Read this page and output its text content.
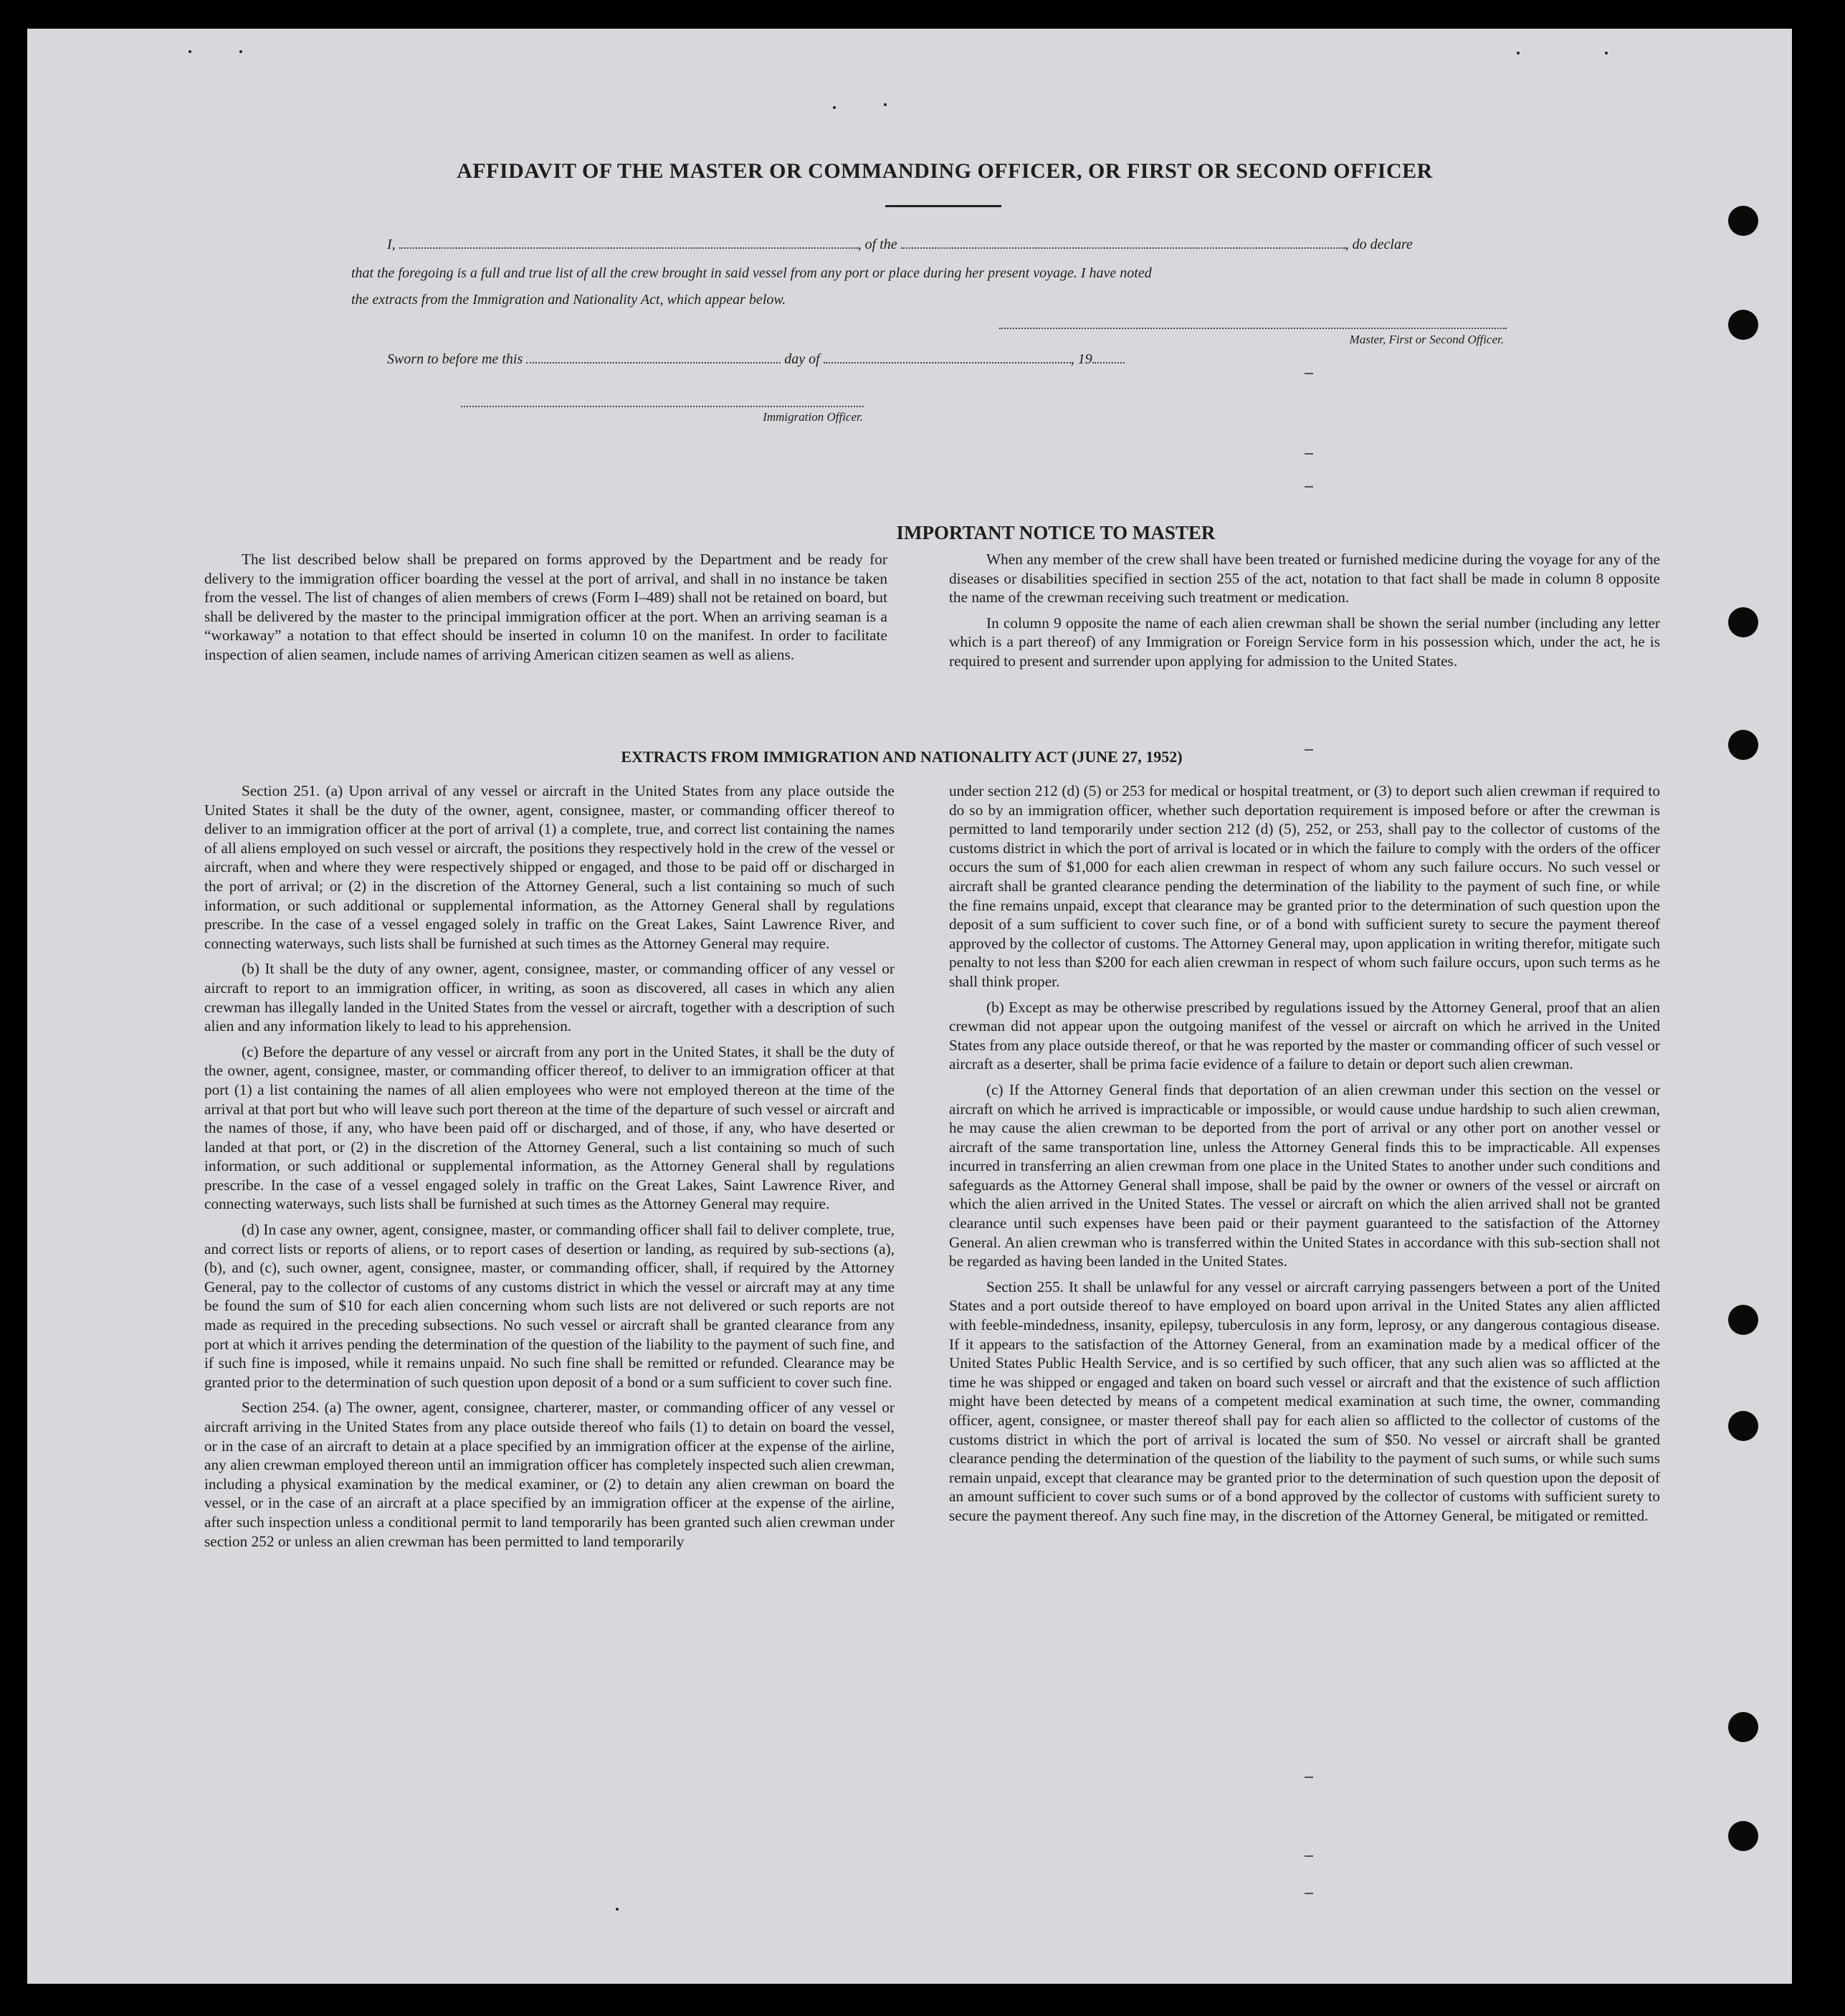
AFFIDAVIT OF THE MASTER OR COMMANDING OFFICER, OR FIRST OR SECOND OFFICER
I,	, of the	, do declare
that the foregoing is a full and true list of all the crew brought in said vessel from any port or place during her present voyage. I have noted
the extracts from the Immigration and Nationality Act, which appear below.
Master, First or Second Officer.
Sworn to before me this	day of	, 19
Immigration Officer.
IMPORTANT NOTICE TO MASTER

The list described below shall be prepared on forms approved by the Department and be ready for delivery to the immigration officer boarding the vessel at the port of arrival, and shall in no instance be taken from the vessel. The list of changes of alien members of crews (Form I–489) shall not be retained on board, but shall be delivered by the master to the principal immigration officer at the port. When an arriving seaman is a “workaway” a notation to that effect should be inserted in column 10 on the manifest. In order to facilitate inspection of alien seamen, include names of arriving American citizen seamen as well as aliens.

When any member of the crew shall have been treated or furnished medicine during the voyage for any of the diseases or disabilities specified in section 255 of the act, notation to that fact shall be made in column 8 opposite the name of the crewman receiving such treatment or medication.

In column 9 opposite the name of each alien crewman shall be shown the serial number (including any letter which is a part thereof) of any Immigration or Foreign Service form in his possession which, under the act, he is required to present and surrender upon applying for admission to the United States.

EXTRACTS FROM IMMIGRATION AND NATIONALITY ACT (JUNE 27, 1952)

Section 251. (a) Upon arrival of any vessel or aircraft in the United States from any place outside the United States it shall be the duty of the owner, agent, consignee, master, or commanding officer thereof to deliver to an immigration officer at the port of arrival (1) a complete, true, and correct list containing the names of all aliens employed on such vessel or aircraft, the positions they respectively hold in the crew of the vessel or aircraft, when and where they were respectively shipped or engaged, and those to be paid off or discharged in the port of arrival; or (2) in the discretion of the Attorney General, such a list containing so much of such information, or such additional or supplemental information, as the Attorney General shall by regulations prescribe. In the case of a vessel engaged solely in traffic on the Great Lakes, Saint Lawrence River, and connecting waterways, such lists shall be furnished at such times as the Attorney General may require.

(b) It shall be the duty of any owner, agent, consignee, master, or commanding officer of any vessel or aircraft to report to an immigration officer, in writing, as soon as discovered, all cases in which any alien crewman has illegally landed in the United States from the vessel or aircraft, together with a description of such alien and any information likely to lead to his apprehension.

(c) Before the departure of any vessel or aircraft from any port in the United States, it shall be the duty of the owner, agent, consignee, master, or commanding officer thereof, to deliver to an immigration officer at that port (1) a list containing the names of all alien employees who were not employed thereon at the time of the arrival at that port but who will leave such port thereon at the time of the departure of such vessel or aircraft and the names of those, if any, who have been paid off or discharged, and of those, if any, who have deserted or landed at that port, or (2) in the discretion of the Attorney General, such a list containing so much of such information, or such additional or supplemental information, as the Attorney General shall by regulations prescribe. In the case of a vessel engaged solely in traffic on the Great Lakes, Saint Lawrence River, and connecting waterways, such lists shall be furnished at such times as the Attorney General may require.

(d) In case any owner, agent, consignee, master, or commanding officer shall fail to deliver complete, true, and correct lists or reports of aliens, or to report cases of desertion or landing, as required by sub-sections (a), (b), and (c), such owner, agent, consignee, master, or commanding officer, shall, if required by the Attorney General, pay to the collector of customs of any customs district in which the vessel or aircraft may at any time be found the sum of $10 for each alien concerning whom such lists are not delivered or such reports are not made as required in the preceding subsections. No such vessel or aircraft shall be granted clearance from any port at which it arrives pending the determination of the question of the liability to the payment of such fine, and if such fine is imposed, while it remains unpaid. No such fine shall be remitted or refunded. Clearance may be granted prior to the determination of such question upon deposit of a bond or a sum sufficient to cover such fine.

Section 254. (a) The owner, agent, consignee, charterer, master, or commanding officer of any vessel or aircraft arriving in the United States from any place outside thereof who fails (1) to detain on board the vessel, or in the case of an aircraft to detain at a place specified by an immigration officer at the expense of the airline, any alien crewman employed thereon until an immigration officer has completely inspected such alien crewman, including a physical examination by the medical examiner, or (2) to detain any alien crewman on board the vessel, or in the case of an aircraft at a place specified by an immigration officer at the expense of the airline, after such inspection unless a conditional permit to land temporarily has been granted such alien crewman under section 252 or unless an alien crewman has been permitted to land temporarily

under section 212 (d) (5) or 253 for medical or hospital treatment, or (3) to deport such alien crewman if required to do so by an immigration officer, whether such deportation requirement is imposed before or after the crewman is permitted to land temporarily under section 212 (d) (5), 252, or 253, shall pay to the collector of customs of the customs district in which the port of arrival is located or in which the failure to comply with the orders of the officer occurs the sum of $1,000 for each alien crewman in respect of whom any such failure occurs. No such vessel or aircraft shall be granted clearance pending the determination of the liability to the payment of such fine, or while the fine remains unpaid, except that clearance may be granted prior to the determination of such question upon the deposit of a sum sufficient to cover such fine, or of a bond with sufficient surety to secure the payment thereof approved by the collector of customs. The Attorney General may, upon application in writing therefor, mitigate such penalty to not less than $200 for each alien crewman in respect of whom such failure occurs, upon such terms as he shall think proper.

(b) Except as may be otherwise prescribed by regulations issued by the Attorney General, proof that an alien crewman did not appear upon the outgoing manifest of the vessel or aircraft on which he arrived in the United States from any place outside thereof, or that he was reported by the master or commanding officer of such vessel or aircraft as a deserter, shall be prima facie evidence of a failure to detain or deport such alien crewman.

(c) If the Attorney General finds that deportation of an alien crewman under this section on the vessel or aircraft on which he arrived is impracticable or impossible, or would cause undue hardship to such alien crewman, he may cause the alien crewman to be deported from the port of arrival or any other port on another vessel or aircraft of the same transportation line, unless the Attorney General finds this to be impracticable. All expenses incurred in transferring an alien crewman from one place in the United States to another under such conditions and safeguards as the Attorney General shall impose, shall be paid by the owner or owners of the vessel or aircraft on which the alien arrived in the United States. The vessel or aircraft on which the alien arrived shall not be granted clearance until such expenses have been paid or their payment guaranteed to the satisfaction of the Attorney General. An alien crewman who is transferred within the United States in accordance with this sub-section shall not be regarded as having been landed in the United States.

Section 255. It shall be unlawful for any vessel or aircraft carrying passengers between a port of the United States and a port outside thereof to have employed on board upon arrival in the United States any alien afflicted with feeble-mindedness, insanity, epilepsy, tuberculosis in any form, leprosy, or any dangerous contagious disease. If it appears to the satisfaction of the Attorney General, from an examination made by a medical officer of the United States Public Health Service, and is so certified by such officer, that any such alien was so afflicted at the time he was shipped or engaged and taken on board such vessel or aircraft and that the existence of such affliction might have been detected by means of a competent medical examination at such time, the owner, commanding officer, agent, consignee, or master thereof shall pay for each alien so afflicted to the collector of customs of the customs district in which the port of arrival is located the sum of $50. No vessel or aircraft shall be granted clearance pending the determination of the question of the liability to the payment of such sums, or while such sums remain unpaid, except that clearance may be granted prior to the determination of such question upon the deposit of an amount sufficient to cover such sums or of a bond approved by the collector of customs with sufficient surety to secure the payment thereof. Any such fine may, in the discretion of the Attorney General, be mitigated or remitted.
